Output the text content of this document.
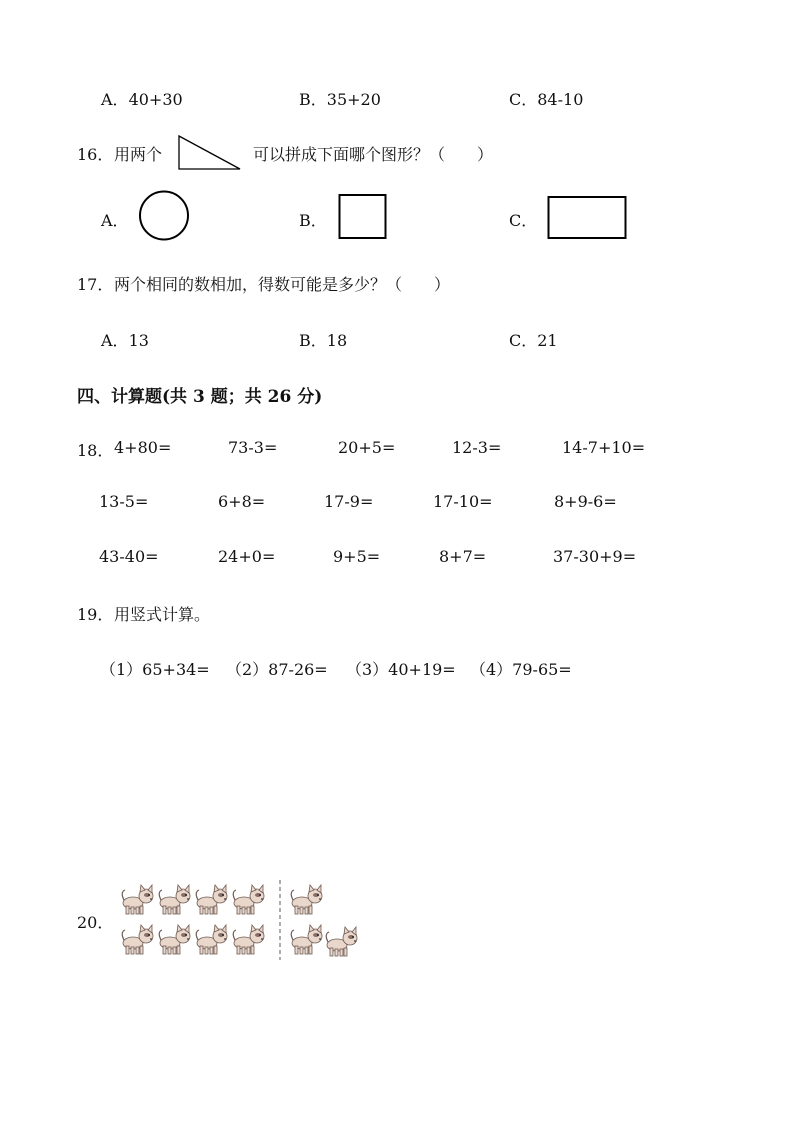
A．40+30	B．35+20	C．84-10
16． 用两个	可以拼成下面哪个图形？（　　）
A．	B．	C．
17． 两个相同的数相加，得数可能是多少？（　　）
A．13	B．18	C．21
四、计算题(共 3 题；共 26 分)
18． 4+80=	73-3=	20+5=	12-3=	14-7+10=
13-5=	6+8=	17-9=	17-10=	8+9-6=
43-40=	24+0=	9+5=	8+7=	37-30+9=
19． 用竖式计算。
（1）65+34= （2）87-26= （3）40+19= （4）79-65=
20．
